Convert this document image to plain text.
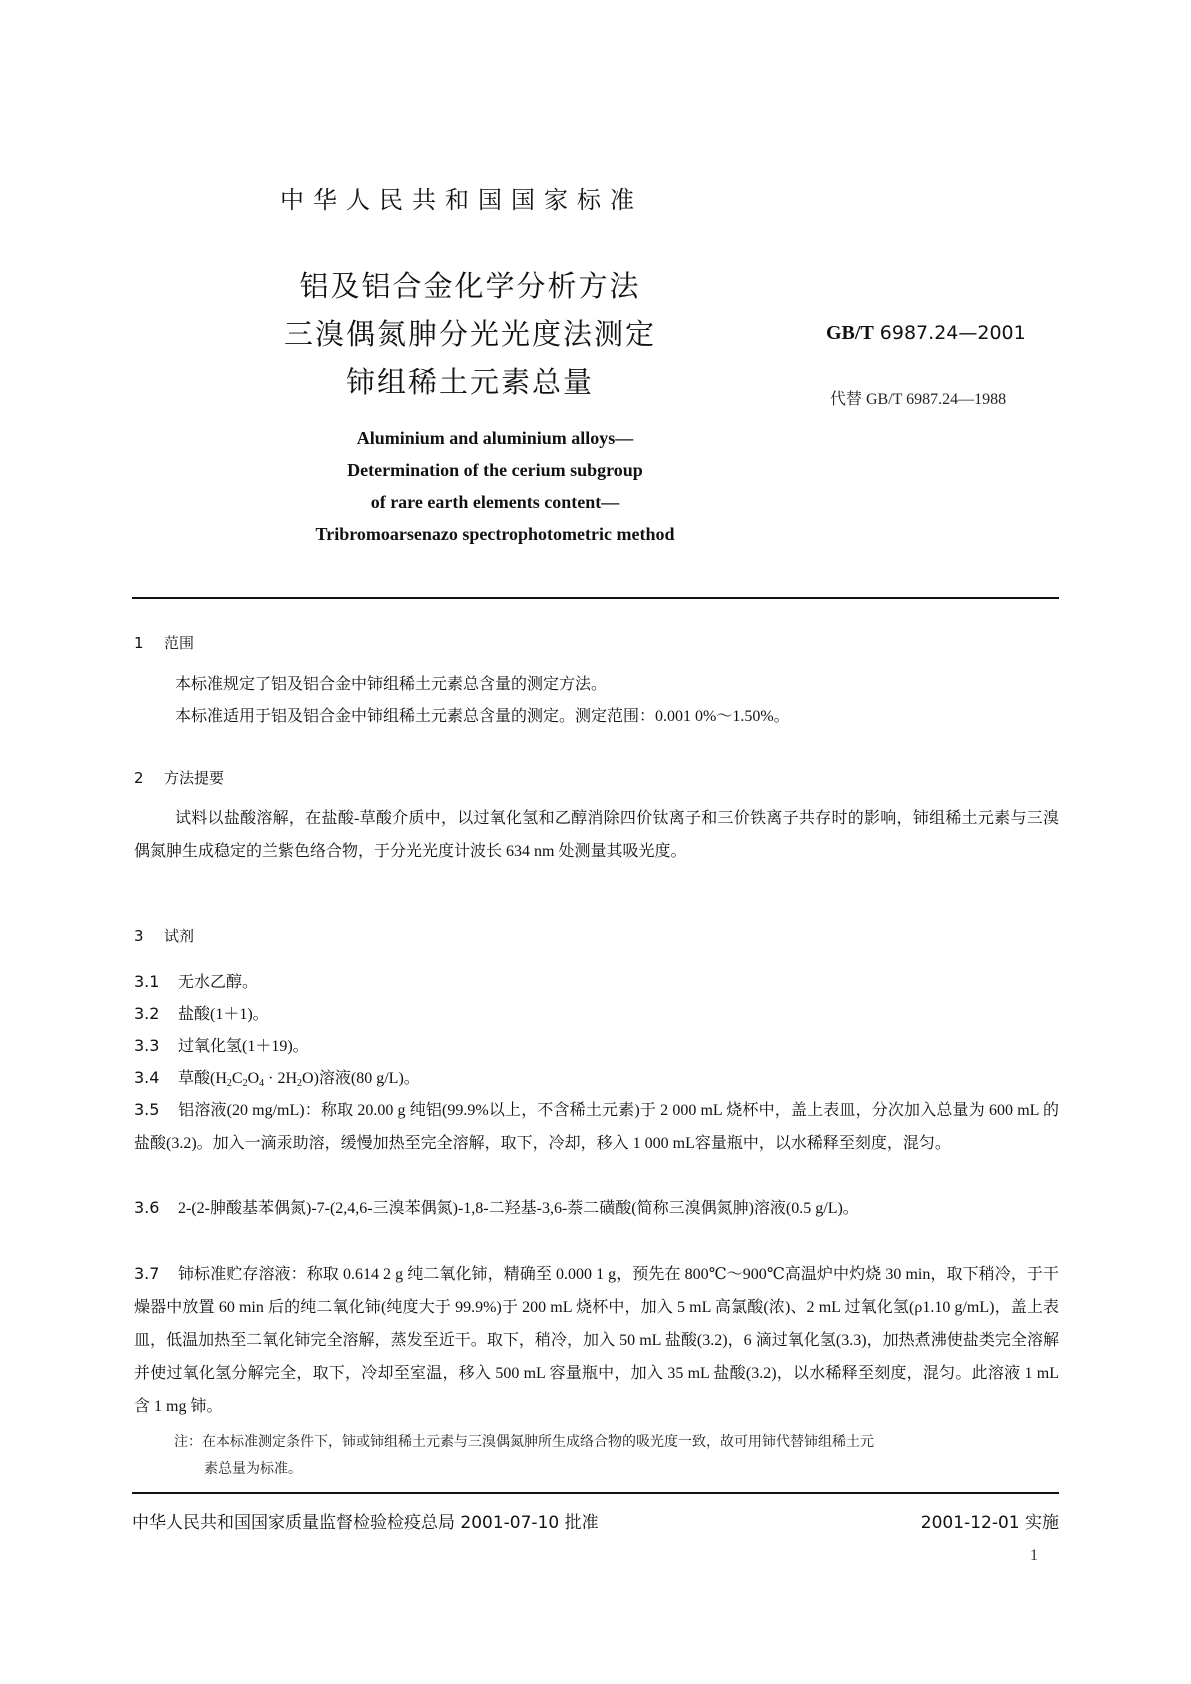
中华人民共和国国家标准
铝及铝合金化学分析方法
三溴偶氮胂分光光度法测定
铈组稀土元素总量
GB/T 6987.24—2001
代替 GB/T 6987.24—1988
Aluminium and aluminium alloys—
Determination of the cerium subgroup
of rare earth elements content—
Tribromoarsenazo spectrophotometric method
1 范围
本标准规定了铝及铝合金中铈组稀土元素总含量的测定方法。
本标准适用于铝及铝合金中铈组稀土元素总含量的测定。测定范围：0.001 0%～1.50%。
2 方法提要
试料以盐酸溶解，在盐酸-草酸介质中，以过氧化氢和乙醇消除四价钛离子和三价铁离子共存时的影响，铈组稀土元素与三溴偶氮胂生成稳定的兰紫色络合物，于分光光度计波长 634 nm 处测量其吸光度。
3 试剂
3.1 无水乙醇。
3.2 盐酸(1＋1)。
3.3 过氧化氢(1＋19)。
3.4 草酸$(H_2C_2O_4 \cdot 2H_2O)$溶液(80 g/L)。
3.5 铝溶液(20 mg/mL)：称取 20.00 g 纯铝(99.9%以上，不含稀土元素)于 2 000 mL 烧杯中，盖上表皿，分次加入总量为 600 mL 的盐酸(3.2)。加入一滴汞助溶，缓慢加热至完全溶解，取下，冷却，移入 1 000 mL容量瓶中，以水稀释至刻度，混匀。
3.6 2-(2-胂酸基苯偶氮)-7-(2,4,6-三溴苯偶氮)-1,8-二羟基-3,6-萘二磺酸(简称三溴偶氮胂)溶液(0.5 g/L)。
3.7 铈标准贮存溶液：称取 0.614 2 g 纯二氧化铈，精确至 0.000 1 g，预先在 800℃～900℃高温炉中灼烧 30 min，取下稍冷，于干燥器中放置 60 min 后的纯二氧化铈(纯度大于 99.9%)于 200 mL 烧杯中，加入 5 mL 高氯酸(浓)、2 mL 过氧化氢(ρ1.10 g/mL)，盖上表皿，低温加热至二氧化铈完全溶解，蒸发至近干。取下，稍冷，加入 50 mL 盐酸(3.2)，6 滴过氧化氢(3.3)，加热煮沸使盐类完全溶解并使过氧化氢分解完全，取下，冷却至室温，移入 500 mL 容量瓶中，加入 35 mL 盐酸(3.2)，以水稀释至刻度，混匀。此溶液 1 mL 含 1 mg 铈。
注：在本标准测定条件下，铈或铈组稀土元素与三溴偶氮胂所生成络合物的吸光度一致，故可用铈代替铈组稀土元
素总量为标准。
中华人民共和国国家质量监督检验检疫总局 2001-07-10 批准	2001-12-01 实施
1
